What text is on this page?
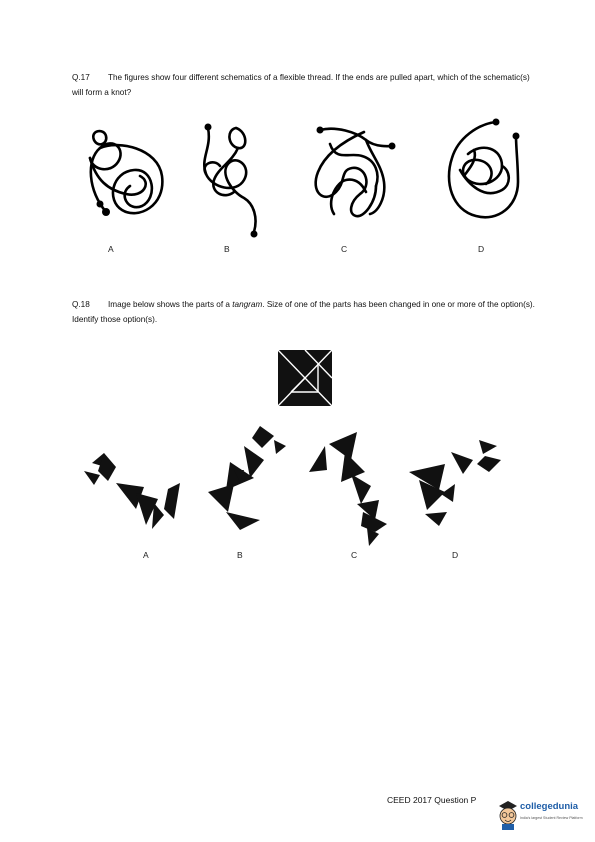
Q.17 The figures show four different schematics of a flexible thread. If the ends are pulled apart, which of the schematic(s) will form a knot?
A	B	C	D
Q.18 Image below shows the parts of a tangram. Size of one of the parts has been changed in one or more of the option(s). Identify those option(s).
A	B	C	D
CEED 2017 Question P
collegedunia
India's largest Student Review Platform
